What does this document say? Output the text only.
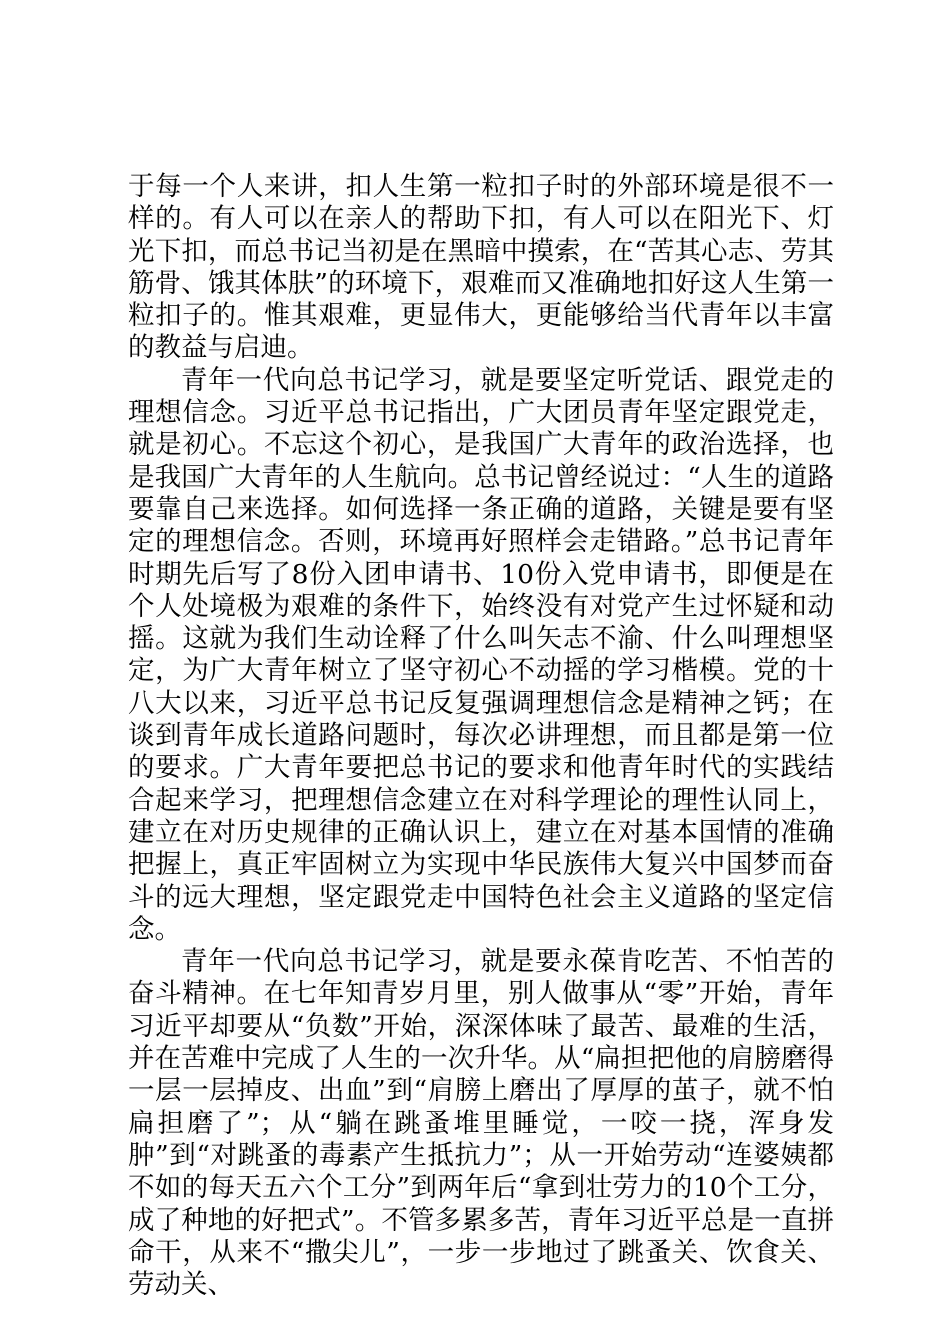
于每一个人来讲，扣人生第一粒扣子时的外部环境是很不一样的。有人可以在亲人的帮助下扣，有人可以在阳光下、灯光下扣，而总书记当初是在黑暗中摸索，在“苦其心志、劳其筋骨、饿其体肤”的环境下，艰难而又准确地扣好这人生第一粒扣子的。惟其艰难，更显伟大，更能够给当代青年以丰富的教益与启迪。

青年一代向总书记学习，就是要坚定听党话、跟党走的理想信念。习近平总书记指出，广大团员青年坚定跟党走，就是初心。不忘这个初心，是我国广大青年的政治选择，也是我国广大青年的人生航向。总书记曾经说过：“人生的道路要靠自己来选择。如何选择一条正确的道路，关键是要有坚定的理想信念。否则，环境再好照样会走错路。”总书记青年时期先后写了8份入团申请书、10份入党申请书，即便是在个人处境极为艰难的条件下，始终没有对党产生过怀疑和动摇。这就为我们生动诠释了什么叫矢志不渝、什么叫理想坚定，为广大青年树立了坚守初心不动摇的学习楷模。党的十八大以来，习近平总书记反复强调理想信念是精神之钙；在谈到青年成长道路问题时，每次必讲理想，而且都是第一位的要求。广大青年要把总书记的要求和他青年时代的实践结合起来学习，把理想信念建立在对科学理论的理性认同上，建立在对历史规律的正确认识上，建立在对基本国情的准确把握上，真正牢固树立为实现中华民族伟大复兴中国梦而奋斗的远大理想，坚定跟党走中国特色社会主义道路的坚定信念。

青年一代向总书记学习，就是要永葆肯吃苦、不怕苦的奋斗精神。在七年知青岁月里，别人做事从“零”开始，青年习近平却要从“负数”开始，深深体味了最苦、最难的生活，并在苦难中完成了人生的一次升华。从“扁担把他的肩膀磨得一层一层掉皮、出血”到“肩膀上磨出了厚厚的茧子，就不怕扁担磨了”；从“躺在跳蚤堆里睡觉，一咬一挠，浑身发肿”到“对跳蚤的毒素产生抵抗力”；从一开始劳动“连婆姨都不如的每天五六个工分”到两年后“拿到壮劳力的10个工分，成了种地的好把式”。不管多累多苦，青年习近平总是一直拼命干，从来不“撒尖儿”，一步一步地过了跳蚤关、饮食关、劳动关、
